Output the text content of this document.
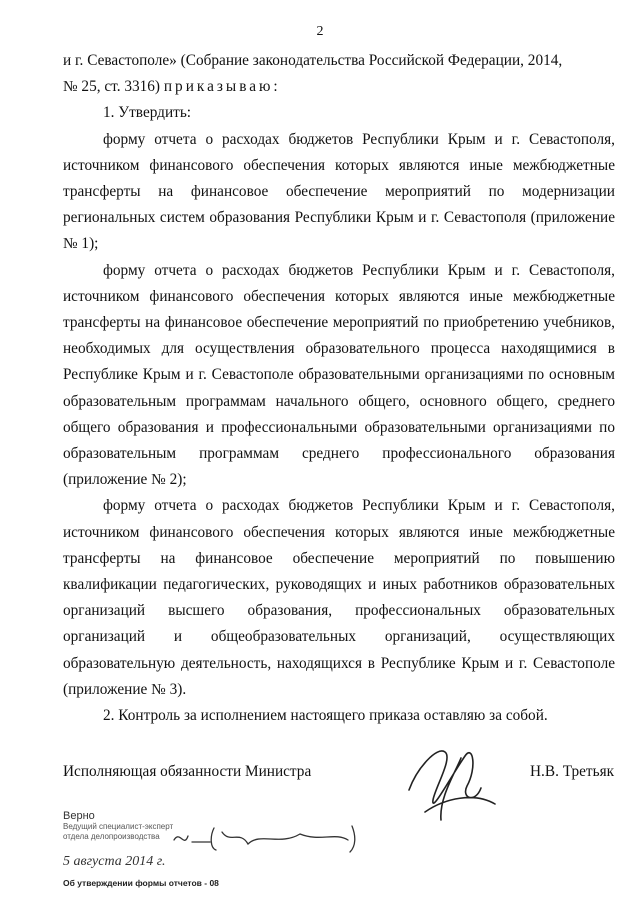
2

и г. Севастополе» (Собрание законодательства Российской Федерации, 2014,

№ 25, ст. 3316) приказываю:

1. Утвердить:

форму отчета о расходах бюджетов Республики Крым и г. Севастополя, источником финансового обеспечения которых являются иные межбюджетные трансферты на финансовое обеспечение мероприятий по модернизации региональных систем образования Республики Крым и г. Севастополя (приложение № 1);

форму отчета о расходах бюджетов Республики Крым и г. Севастополя, источником финансового обеспечения которых являются иные межбюджетные трансферты на финансовое обеспечение мероприятий по приобретению учебников, необходимых для осуществления образовательного процесса находящимися в Республике Крым и г. Севастополе образовательными организациями по основным образовательным программам начального общего, основного общего, среднего общего образования и профессиональными образовательными организациями по образовательным программам среднего профессионального образования (приложение № 2);

форму отчета о расходах бюджетов Республики Крым и г. Севастополя, источником финансового обеспечения которых являются иные межбюджетные трансферты на финансовое обеспечение мероприятий по повышению квалификации педагогических, руководящих и иных работников образовательных организаций высшего образования, профессиональных образовательных организаций и общеобразовательных организаций, осуществляющих образовательную деятельность, находящихся в Республике Крым и г. Севастополе (приложение № 3).

2. Контроль за исполнением настоящего приказа оставляю за собой.

Исполняющая обязанности Министра	Н.В. Третьяк
Верно
Ведущий специалист-эксперт
отдела делопроизводства
5 августа 2014 г.
Об утверждении формы отчетов - 08
